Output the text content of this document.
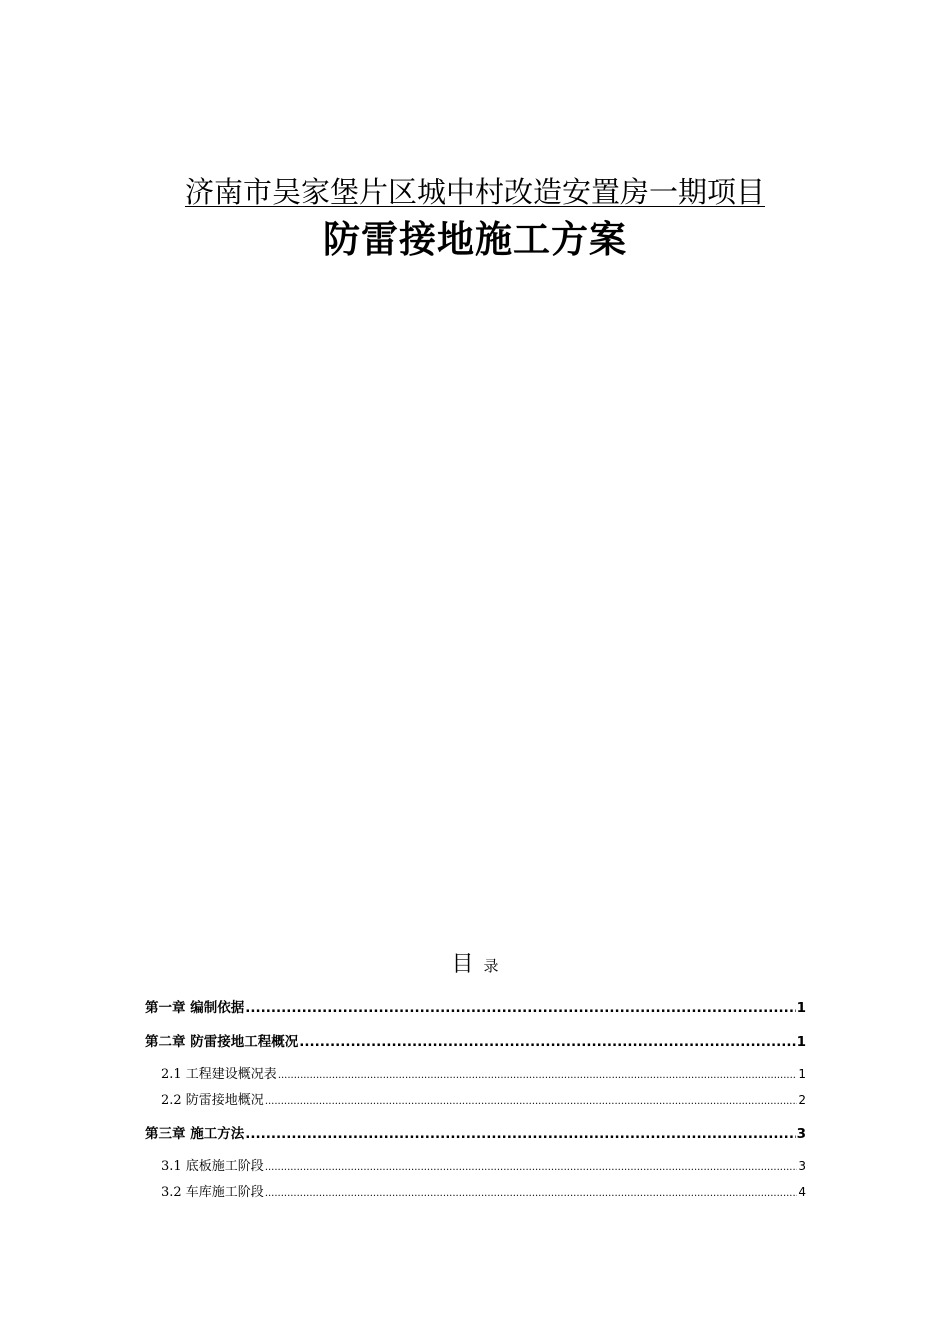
济南市吴家堡片区城中村改造安置房一期项目
防雷接地施工方案
目 录
第一章 编制依据 .....	1
第二章 防雷接地工程概况 .....	1
2.1 工程建设概况表 .....	1
2.2 防雷接地概况 .....	2
第三章 施工方法 .....	3
3.1 底板施工阶段 .....	3
3.2 车库施工阶段 .....	4
